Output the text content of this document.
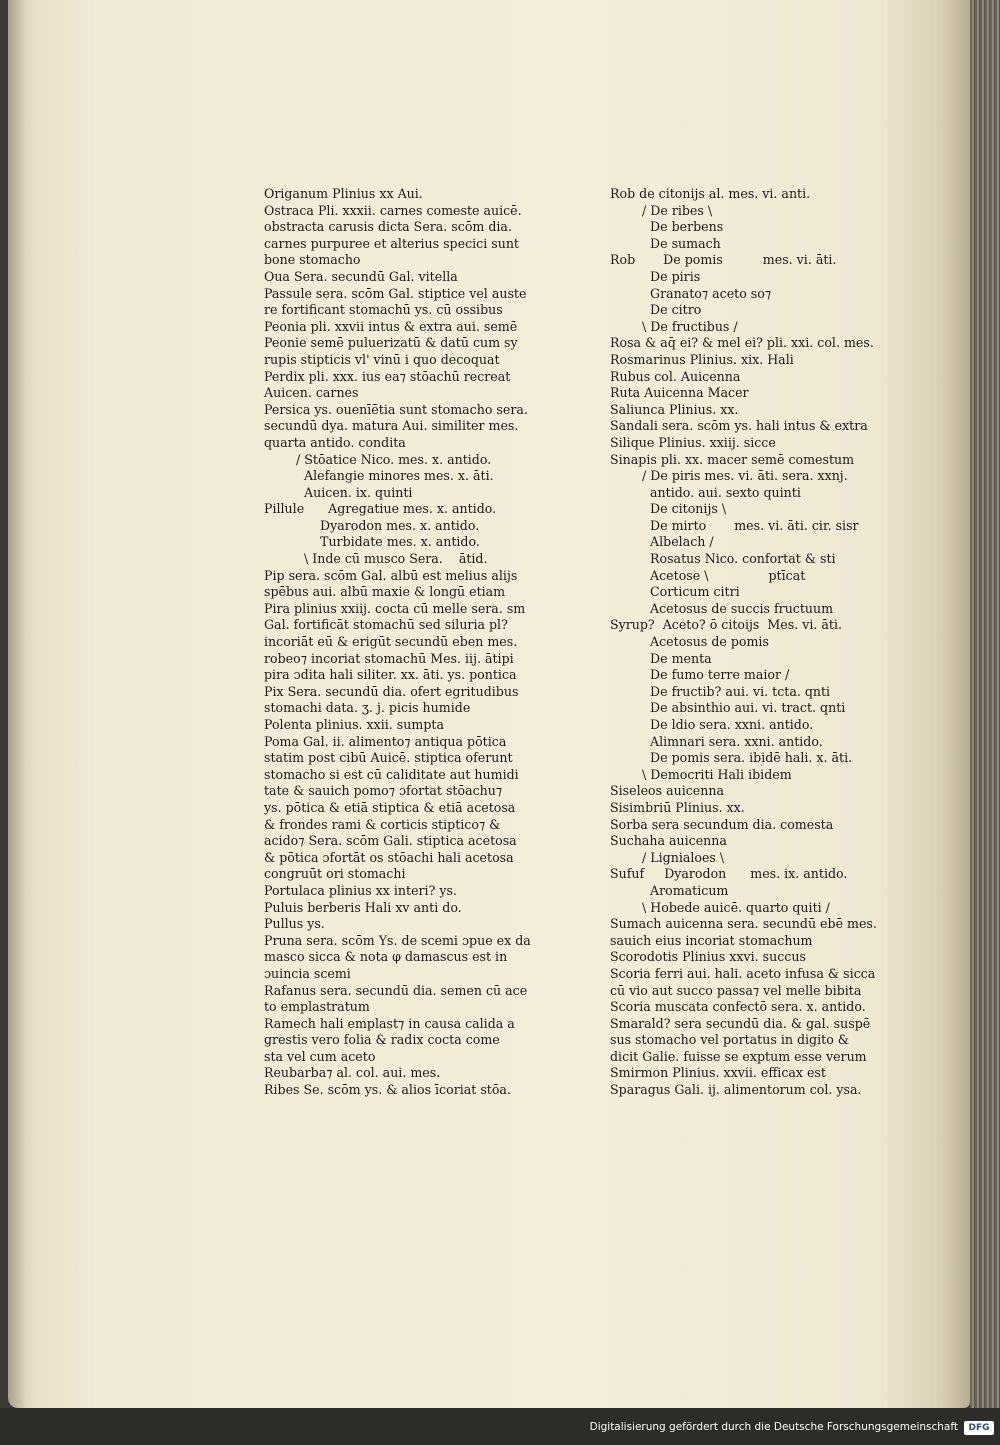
Origanum Plinius xx Aui.
Ostraca Pli. xxxii. carnes comeste auicē.
obstracta carusis dicta Sera. scōm dia.
carnes purpuree et alterius specici sunt
bone stomacho
Oua Sera. secundū Gal. vitella
Passule sera. scōm Gal. stiptice vel auste
re fortificant stomachū ys. cū ossibus
Peonia pli. xxvii intus & extra aui. semē
Peonie semē puluerizatū & datū cum sy
rupis stipticis vl' vinū i quo decoquat
Perdix pli. xxx. ius ea⁊ stōachū recreat
Auicen. carnes
Persica ys. ouenīētia sunt stomacho sera.
secundū dya. matura Aui. similiter mes.
quarta antido. condita
/ Stōatice Nico. mes. x. antido.
Alefangie minores mes. x. āti.
Auicen. ix. quinti
Pillule      Agregatiue mes. x. antido.
Dyarodon mes. x. antido.
Turbidate mes. x. antido.
\ Inde cū musco Sera.    ātid.
Pip sera. scōm Gal. albū est melius alijs
spēbus aui. albū maxie & longū etiam
Pira plinius xxiij. cocta cū melle sera. sm
Gal. fortificāt stomachū sed siluria pl?
incoriāt eū & erigūt secundū eben mes.
robeo⁊ incoriat stomachū Mes. iij. ātipi
pira ɔdita hali siliter. xx. āti. ys. pontica
Pix Sera. secundū dia. ofert egritudibus
stomachi data. ʒ. j. picis humide
Polenta plinius. xxii. sumpta
Poma Gal. ii. alimento⁊ antiqua pōtica
statim post cibū Auicē. stiptica oferunt
stomacho si est cū caliditate aut humidi
tate & sauich pomo⁊ ɔfortat stōachu⁊
ys. pōtica & etiā stiptica & etiā acetosa
& frondes rami & corticis stiptico⁊ &
acido⁊ Sera. scōm Gali. stiptica acetosa
& pōtica ɔfortāt os stōachi hali acetosa
congruūt ori stomachi
Portulaca plinius xx interi? ys.
Puluis berberis Hali xv anti do.
Pullus ys.
Pruna sera. scōm Ys. de scemi ɔpue ex da
masco sicca & nota φ damascus est in
ɔuincia scemi
Rafanus sera. secundū dia. semen cū ace
to emplastratum
Ramech hali emplast⁊ in causa calida a
grestis vero folia & radix cocta come
sta vel cum aceto
Reubarba⁊ al. col. aui. mes.
Ribes Se. scōm ys. & alios īcoriat stōa.
Rob de citonijs al. mes. vi. anti.
/ De ribes \
De berbens
De sumach
Rob       De pomis          mes. vi. āti.
De piris
Granato⁊ aceto so⁊
De citro
\ De fructibus /
Rosa & aq̄ ei? & mel ei? pli. xxi. col. mes.
Rosmarinus Plinius. xix. Hali
Rubus col. Auicenna
Ruta Auicenna Macer
Saliunca Plinius. xx.
Sandali sera. scōm ys. hali intus & extra
Silique Plinius. xxiij. sicce
Sinapis pli. xx. macer semē comestum
/ De piris mes. vi. āti. sera. xxnj.
antido. aui. sexto quinti
De citonijs \
De mirto       mes. vi. āti. cir. sisr
Albelach /
Rosatus Nico. confortat & sti
Acetose \               ptīcat
Corticum citri
Acetosus de succis fructuum
Syrup?  Aceto? ō citoijs  Mes. vi. āti.
Acetosus de pomis
De menta
De fumo terre maior /
De fructib? aui. vi. tcta. qnti
De absinthio aui. vi. tract. qnti
De ldio sera. xxni. antido.
Alimnari sera. xxni. antido.
De pomis sera. ibidē hali. x. āti.
\ Democriti Hali ibidem
Siseleos auicenna
Sisimbriū Plinius. xx.
Sorba sera secundum dia. comesta
Suchaha auicenna
/ Lignialoes \
Sufuf     Dyarodon      mes. ix. antido.
Aromaticum
\ Hobede auicē. quarto quiti /
Sumach auicenna sera. secundū ebē mes.
sauich eius incoriat stomachum
Scorodotis Plinius xxvi. succus
Scoria ferri aui. hali. aceto infusa & sicca
cū vio aut succo passa⁊ vel melle bibita
Scoria muscata confectō sera. x. antido.
Smarald? sera secundū dia. & gal. suspē
sus stomacho vel portatus in digito &
dicit Galie. fuisse se exptum esse verum
Smirmon Plinius. xxvii. efficax est
Sparagus Gali. ij. alimentorum col. ysa.
Digitalisierung gefördert durch die Deutsche Forschungsgemeinschaft	DFG
